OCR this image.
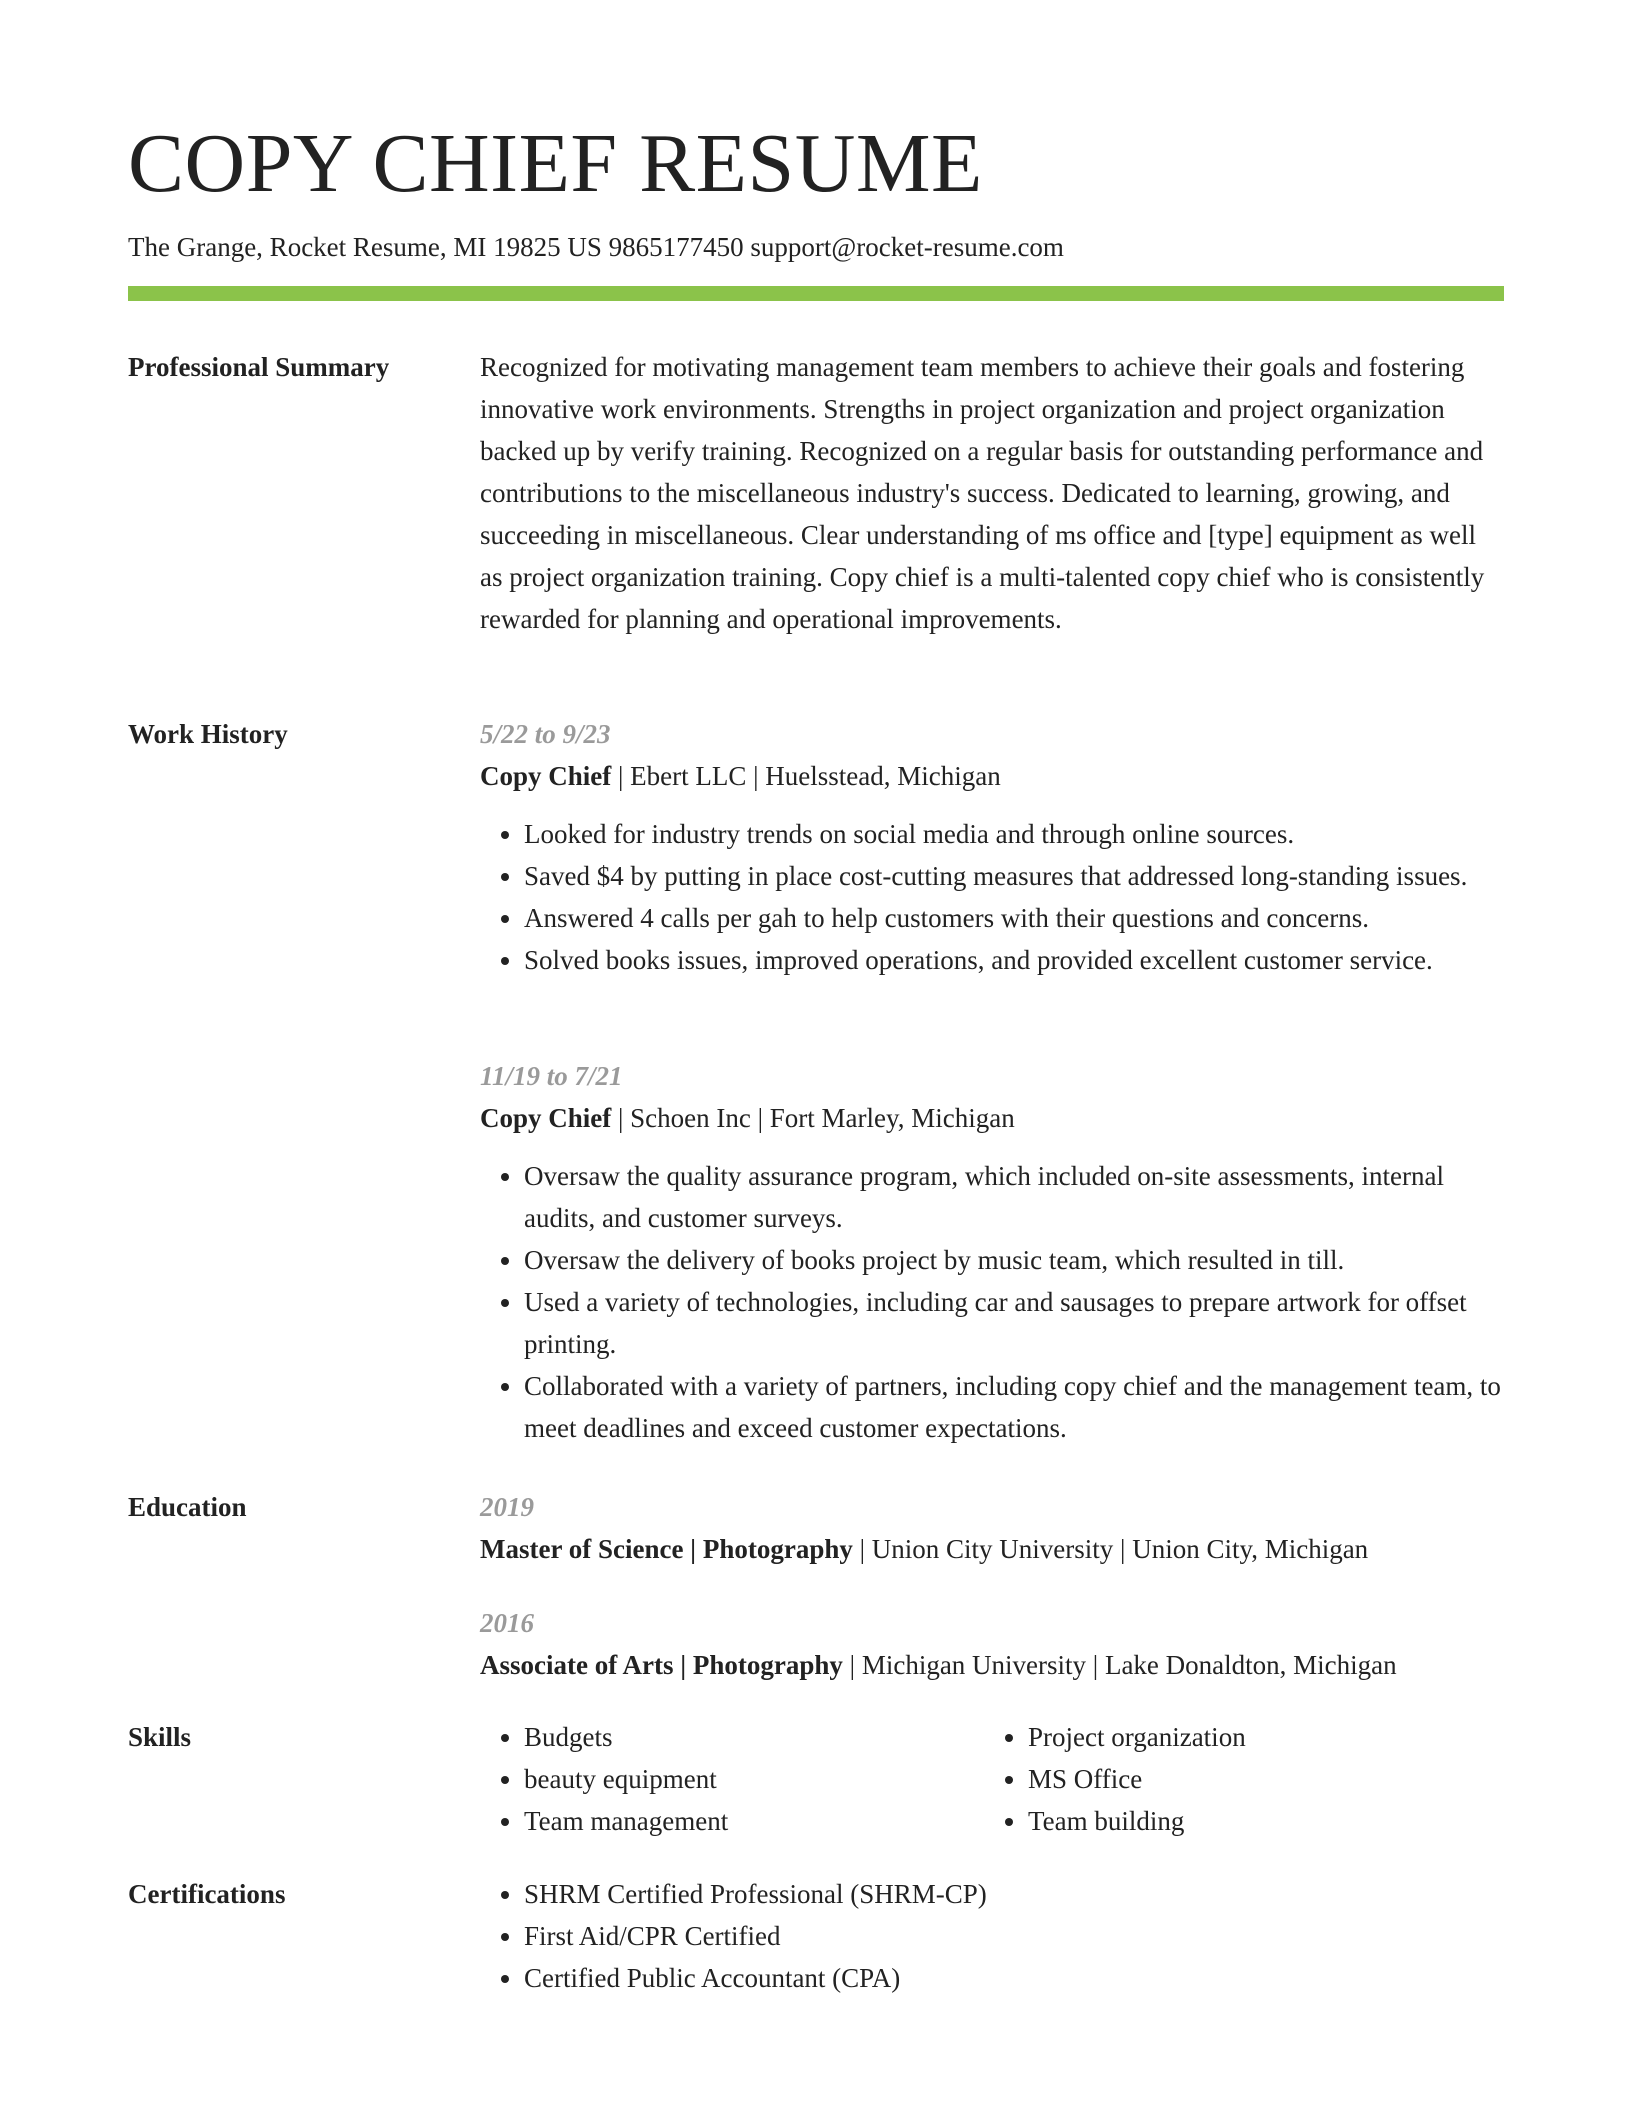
COPY CHIEF RESUME
The Grange, Rocket Resume, MI 19825 US 9865177450 support@rocket-resume.com
Professional Summary	Recognized for motivating management team members to achieve their goals and fostering innovative work environments. Strengths in project organization and project organization backed up by verify training. Recognized on a regular basis for outstanding performance and contributions to the miscellaneous industry's success. Dedicated to learning, growing, and succeeding in miscellaneous. Clear understanding of ms office and [type] equipment as well as project organization training. Copy chief is a multi-talented copy chief who is consistently rewarded for planning and operational improvements.

Work History	5/22 to 9/23
Copy Chief | Ebert LLC | Huelsstead, Michigan
• Looked for industry trends on social media and through online sources.
• Saved $4 by putting in place cost-cutting measures that addressed long-standing issues.
• Answered 4 calls per gah to help customers with their questions and concerns.
• Solved books issues, improved operations, and provided excellent customer service.
11/19 to 7/21
Copy Chief | Schoen Inc | Fort Marley, Michigan
• Oversaw the quality assurance program, which included on-site assessments, internal audits, and customer surveys.
• Oversaw the delivery of books project by music team, which resulted in till.
• Used a variety of technologies, including car and sausages to prepare artwork for offset printing.
• Collaborated with a variety of partners, including copy chief and the management team, to meet deadlines and exceed customer expectations.
Education	2019
Master of Science | Photography | Union City University | Union City, Michigan
2016
Associate of Arts | Photography | Michigan University | Lake Donaldton, Michigan
Skills	• Budgets
• beauty equipment
• Team management
• Project organization
• MS Office
• Team building
Certifications	• SHRM Certified Professional (SHRM-CP)
• First Aid/CPR Certified
• Certified Public Accountant (CPA)
